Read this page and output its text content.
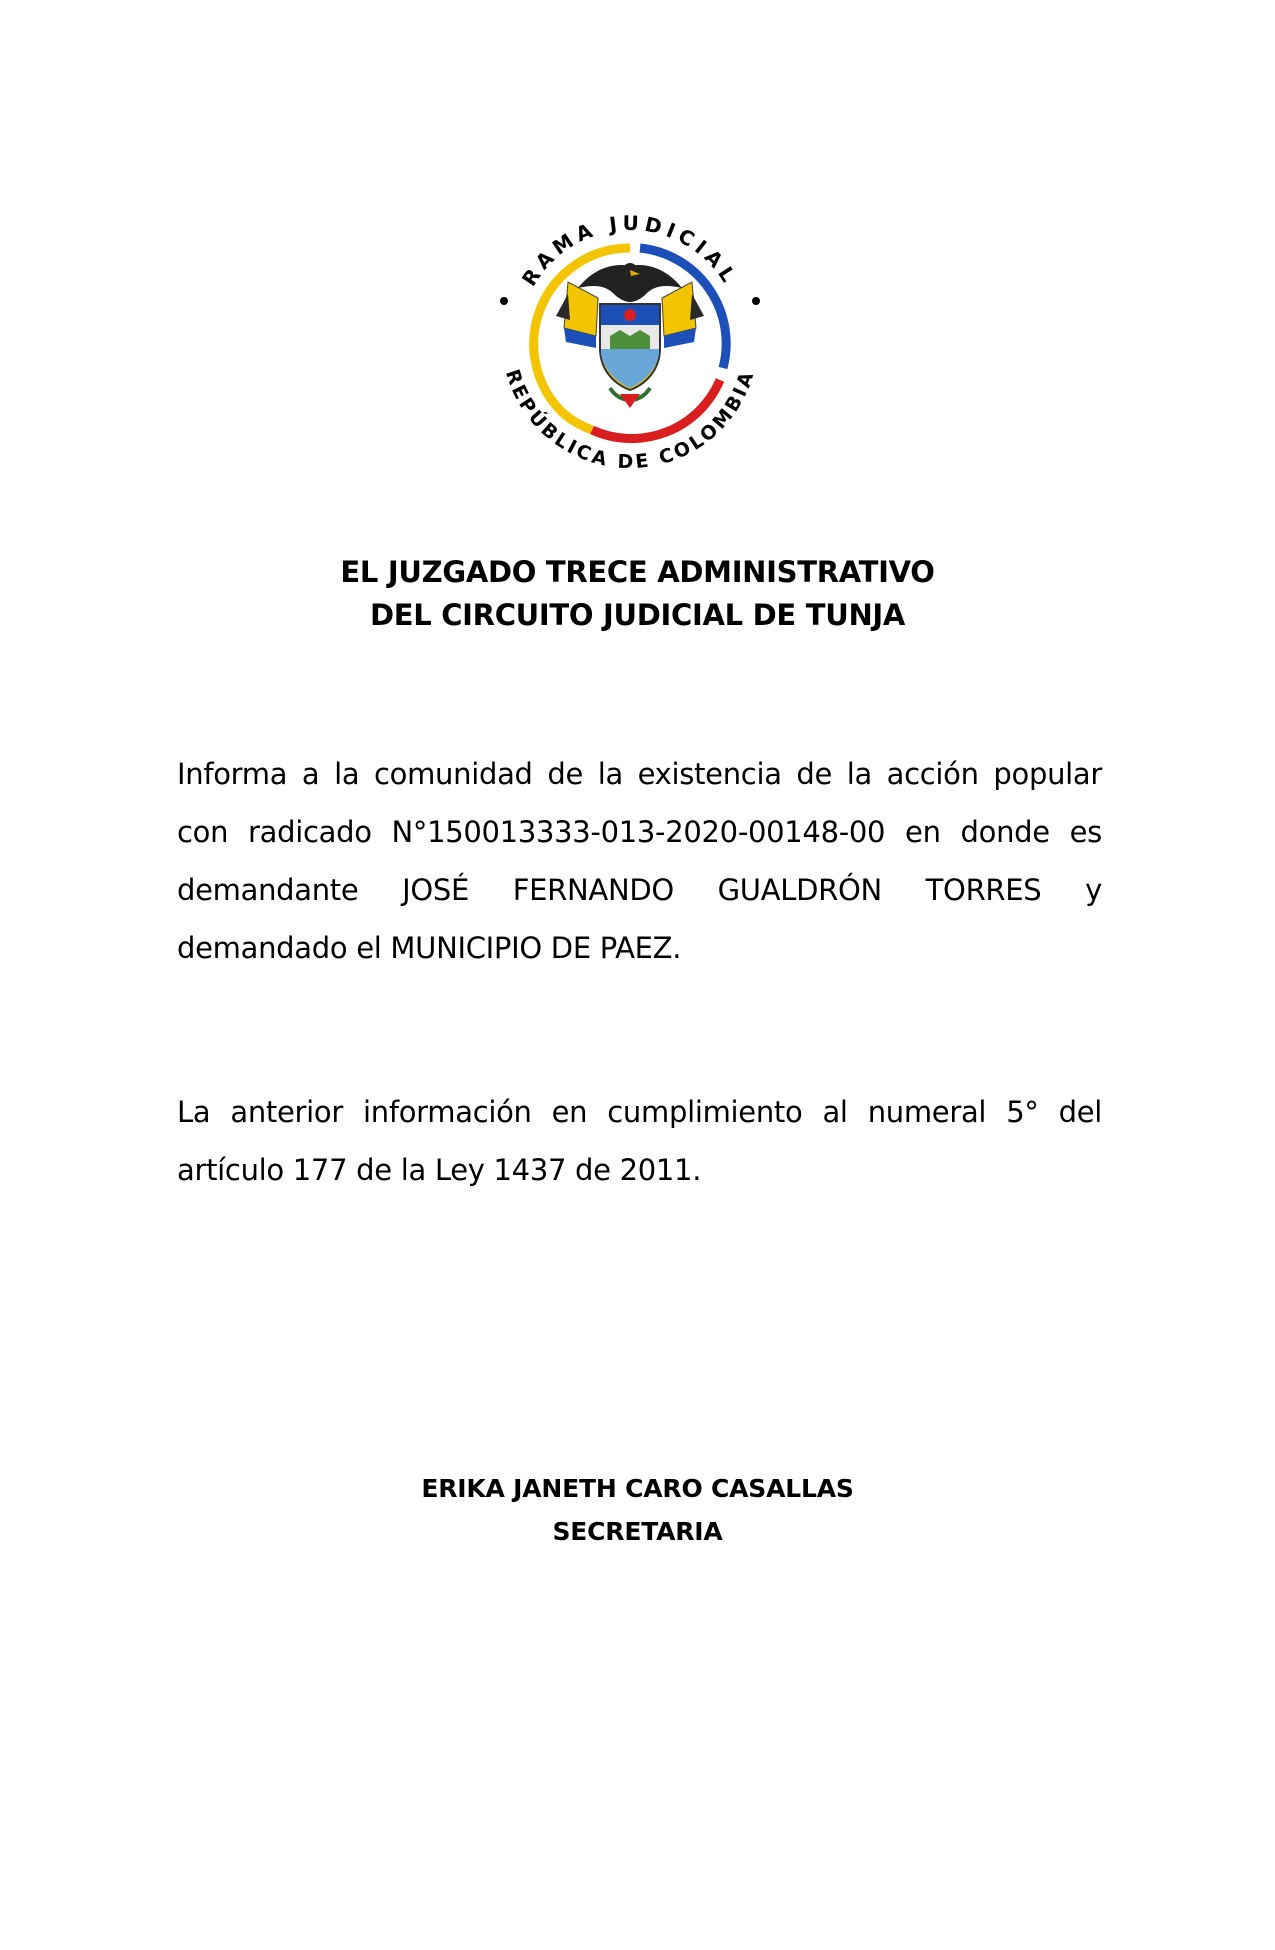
RAMA JUDICIAL
REPÚBLICA DE COLOMBIA
EL JUZGADO TRECE ADMINISTRATIVO
DEL CIRCUITO JUDICIAL DE TUNJA

Informa a la comunidad de la existencia de la acción popular con radicado N°150013333-013-2020-00148-00 en donde es demandante JOSÉ FERNANDO GUALDRÓN TORRES y demandado el MUNICIPIO DE PAEZ.

La anterior información en cumplimiento al numeral 5° del artículo 177 de la Ley 1437 de 2011.

ERIKA JANETH CARO CASALLAS
SECRETARIA
